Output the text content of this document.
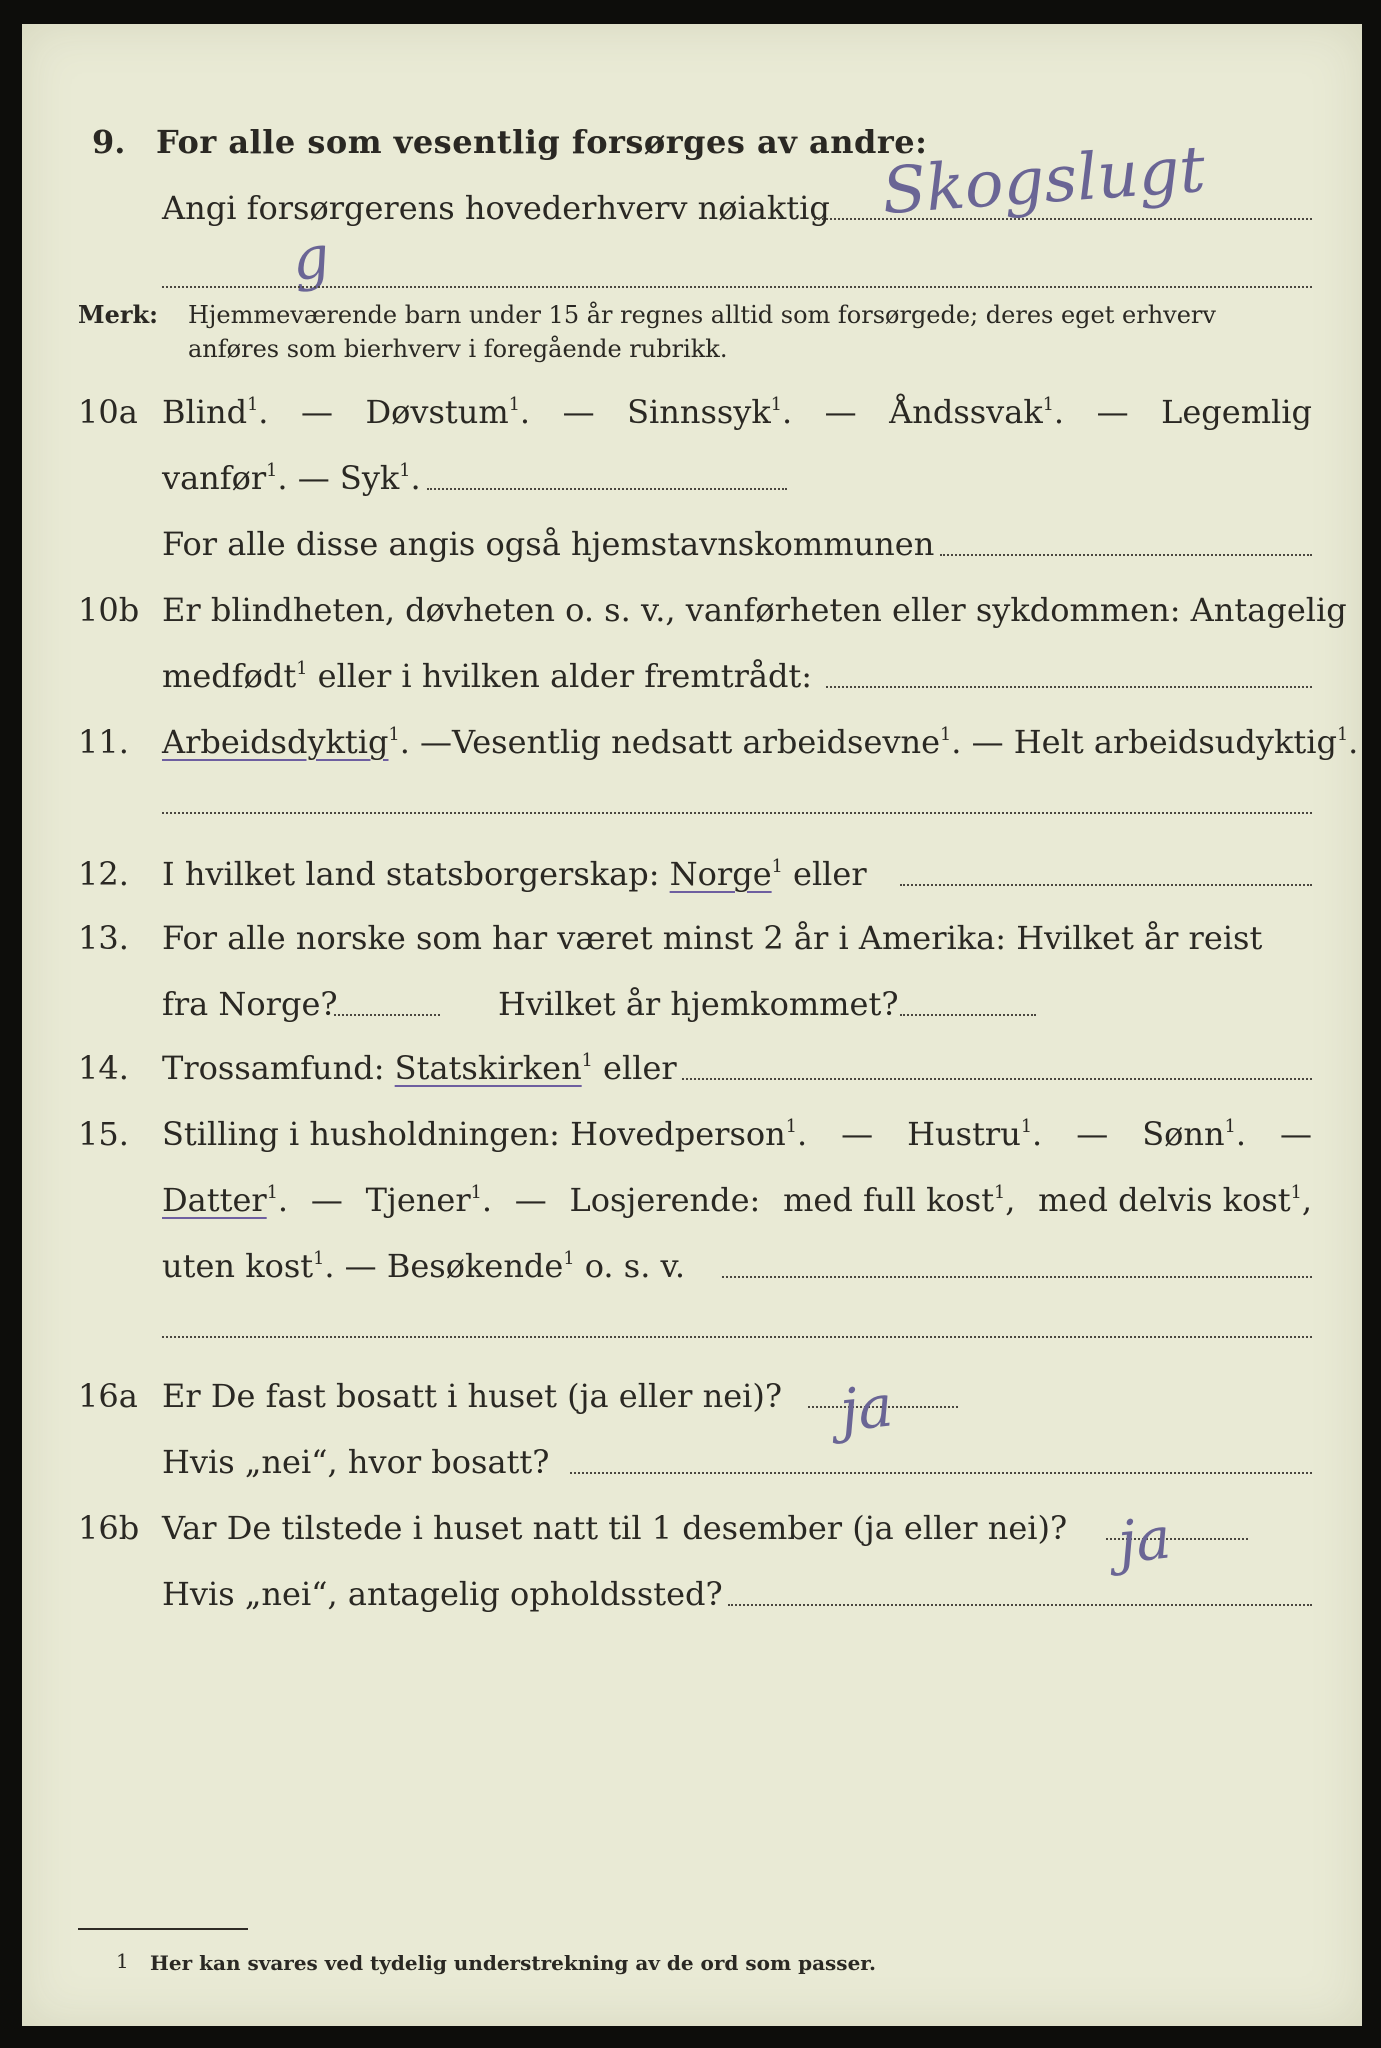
9. For alle som vesentlig forsørges av andre:
Angi forsørgerens hovederhverv nøiaktig Skogslugt
g
Merk: Hjemmeværende barn under 15 år regnes alltid som forsørgede; deres eget erhverv
anføres som bierhverv i foregående rubrikk.
10a Blind$^1$. — Døvstum$^1$. — Sinnssyk$^1$. — Åndssvak$^1$. — Legemlig
vanfør$^1$. — Syk$^1$.
For alle disse angis også hjemstavnskommunen
10b Er blindheten, døvheten o. s. v., vanførheten eller sykdommen: Antagelig
medfødt$^1$ eller i hvilken alder fremtrådt:
11. Arbeidsdyktig$^1$. —Vesentlig nedsatt arbeidsevne$^1$. — Helt arbeidsudyktig$^1$.
12. I hvilket land statsborgerskap: Norge$^1$ eller
13. For alle norske som har været minst 2 år i Amerika: Hvilket år reist
fra Norge?	Hvilket år hjemkommet?
14. Trossamfund: Statskirken$^1$ eller
15. Stilling i husholdningen: Hovedperson$^1$. — Hustru$^1$. — Sønn$^1$. —
Datter$^1$. — Tjener$^1$. — Losjerende: med full kost$^1$, med delvis kost$^1$,
uten kost$^1$. — Besøkende$^1$ o. s. v.
16a Er De fast bosatt i huset (ja eller nei)? ja
Hvis „nei“, hvor bosatt?
16b Var De tilstede i huset natt til 1 desember (ja eller nei)? ja
Hvis „nei“, antagelig opholdssted?
1 Her kan svares ved tydelig understrekning av de ord som passer.
